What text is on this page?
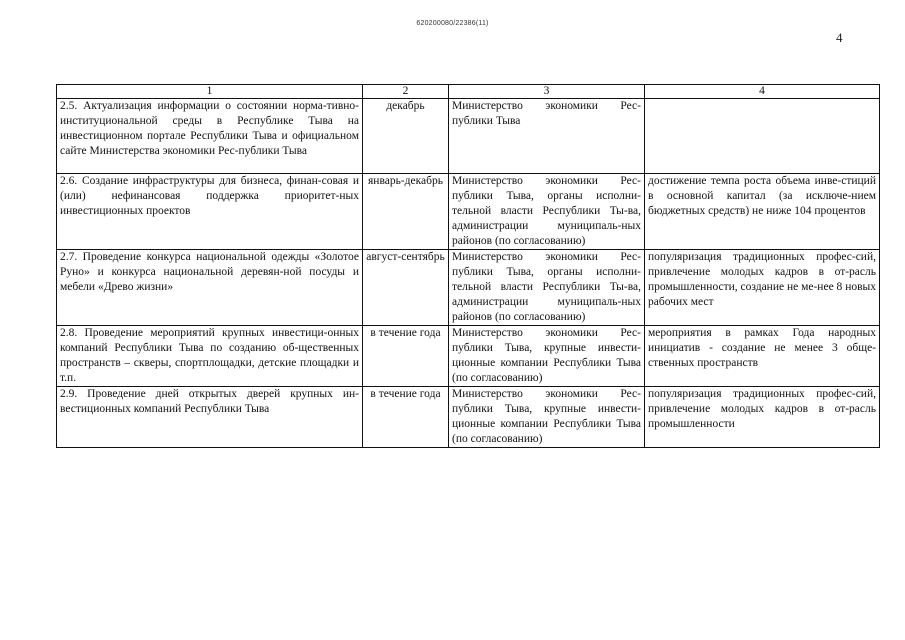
620200080/22386(11)
4
1	2	3	4
2.5. Актуализация информации о состоянии норма-тивно-институциональной среды в Республике Тыва на инвестиционном портале Республики Тыва и официальном сайте Министерства экономики Рес-публики Тыва	декабрь	Министерство экономики Рес-публики Тыва	
2.6. Создание инфраструктуры для бизнеса, финан-совая и (или) нефинансовая поддержка приоритет-ных инвестиционных проектов	январь-декабрь	Министерство экономики Рес-публики Тыва, органы исполни-тельной власти Республики Ты-ва, администрации муниципаль-ных районов (по согласованию)	достижение темпа роста объема инве-стиций в основной капитал (за исключе-нием бюджетных средств) не ниже 104 процентов
2.7. Проведение конкурса национальной одежды «Золотое Руно» и конкурса национальной деревян-ной посуды и мебели «Древо жизни»	август-сентябрь	Министерство экономики Рес-публики Тыва, органы исполни-тельной власти Республики Ты-ва, администрации муниципаль-ных районов (по согласованию)	популяризация традиционных профес-сий, привлечение молодых кадров в от-расль промышленности, создание не ме-нее 8 новых рабочих мест
2.8. Проведение мероприятий крупных инвестици-онных компаний Республики Тыва по созданию об-щественных пространств – скверы, спортплощадки, детские площадки и т.п.	в течение года	Министерство экономики Рес-публики Тыва, крупные инвести-ционные компании Республики Тыва (по согласованию)	мероприятия в рамках Года народных инициатив - создание не менее 3 обще-ственных пространств
2.9. Проведение дней открытых дверей крупных ин-вестиционных компаний Республики Тыва	в течение года	Министерство экономики Рес-публики Тыва, крупные инвести-ционные компании Республики Тыва (по согласованию)	популяризация традиционных профес-сий, привлечение молодых кадров в от-расль промышленности
